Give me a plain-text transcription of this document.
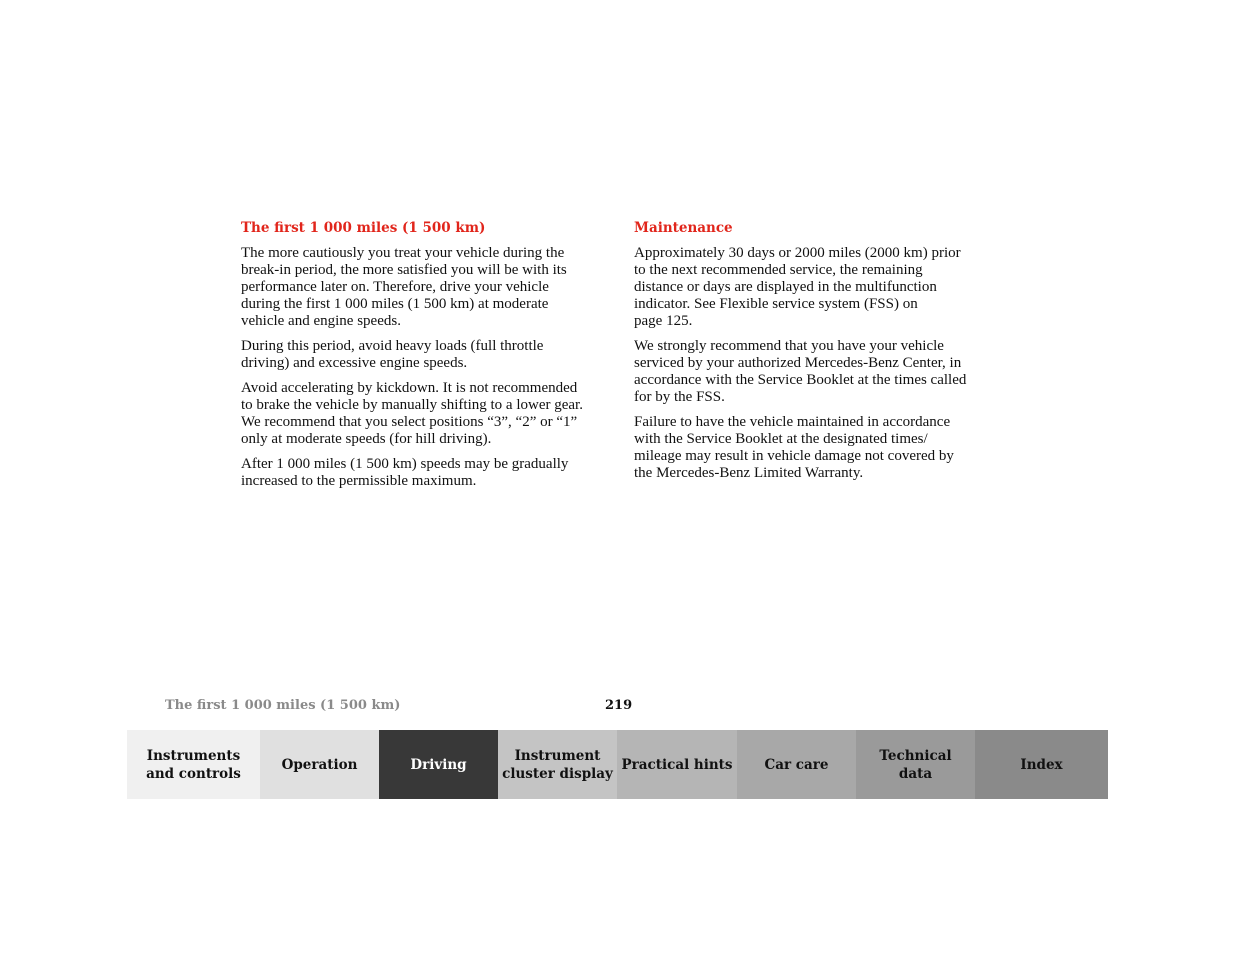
The first 1 000 miles (1 500 km)

The more cautiously you treat your vehicle during the
break-in period, the more satisfied you will be with its
performance later on. Therefore, drive your vehicle
during the first 1 000 miles (1 500 km) at moderate
vehicle and engine speeds.

During this period, avoid heavy loads (full throttle
driving) and excessive engine speeds.

Avoid accelerating by kickdown. It is not recommended
to brake the vehicle by manually shifting to a lower gear.
We recommend that you select positions “3”, “2” or “1”
only at moderate speeds (for hill driving).

After 1 000 miles (1 500 km) speeds may be gradually
increased to the permissible maximum.

Maintenance

Approximately 30 days or 2000 miles (2000 km) prior
to the next recommended service, the remaining
distance or days are displayed in the multifunction
indicator. See Flexible service system (FSS) on
page 125.

We strongly recommend that you have your vehicle
serviced by your authorized Mercedes-Benz Center, in
accordance with the Service Booklet at the times called
for by the FSS.

Failure to have the vehicle maintained in accordance
with the Service Booklet at the designated times/
mileage may result in vehicle damage not covered by
the Mercedes-Benz Limited Warranty.

The first 1 000 miles (1 500 km)	219
Instruments
and controls
Operation	Driving
Instrument
cluster display
Practical hints	Car care
Technical
data
Index
